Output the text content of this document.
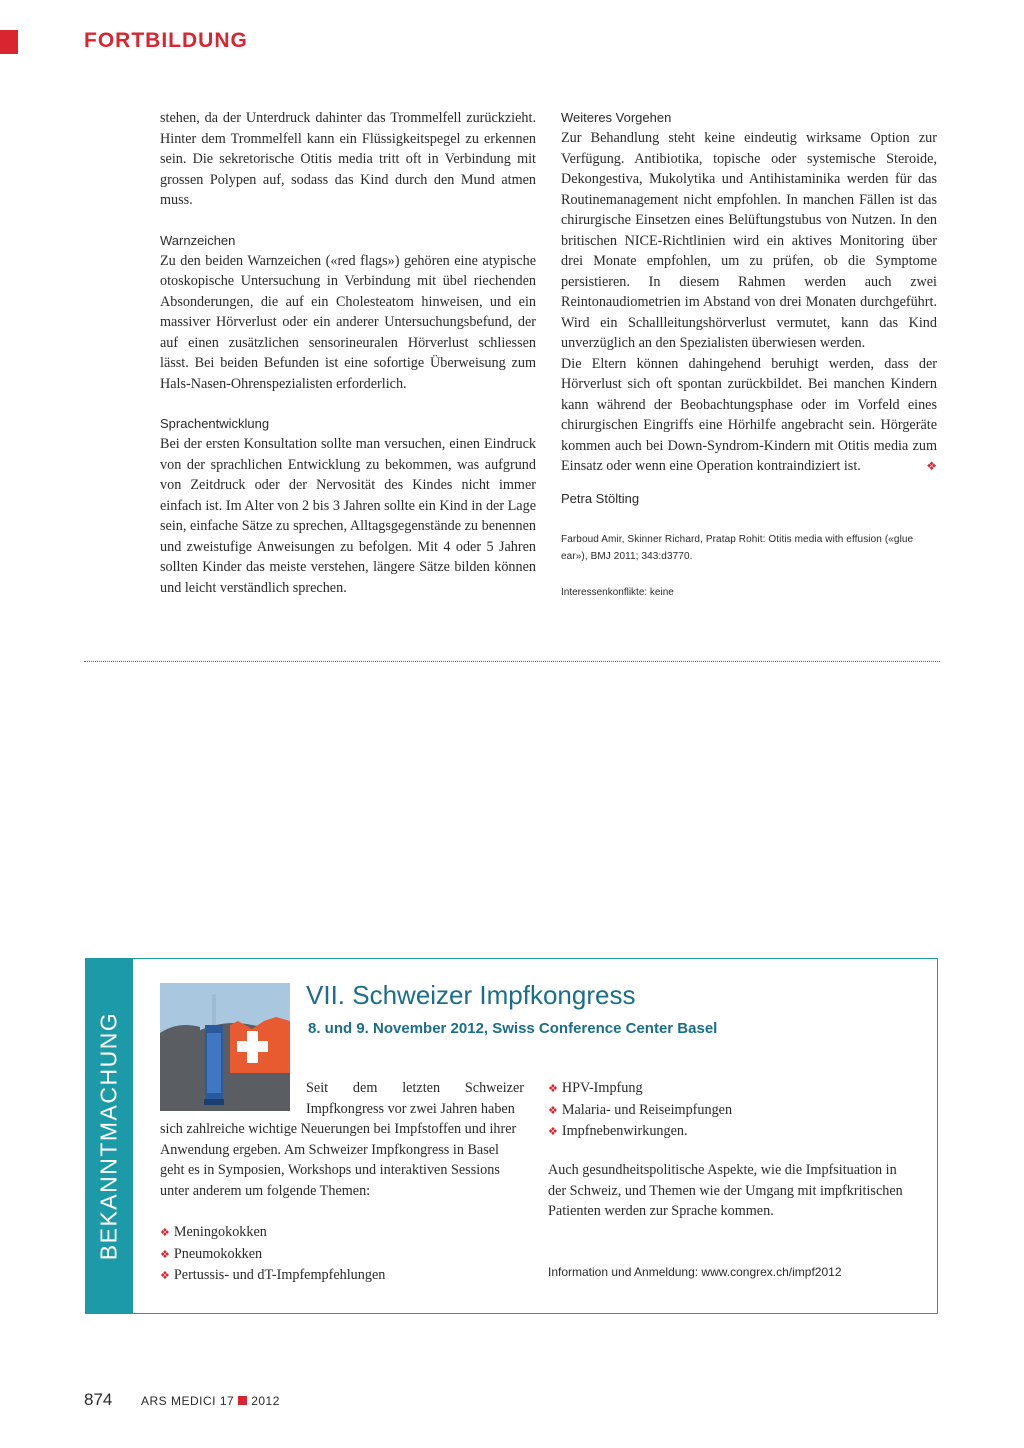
FORTBILDUNG

stehen, da der Unterdruck dahinter das Trommelfell zurückzieht. Hinter dem Trommelfell kann ein Flüssigkeitspegel zu erkennen sein. Die sekretorische Otitis media tritt oft in Verbindung mit grossen Polypen auf, sodass das Kind durch den Mund atmen muss.

Warnzeichen

Zu den beiden Warnzeichen («red flags») gehören eine atypische otoskopische Untersuchung in Verbindung mit übel riechenden Absonderungen, die auf ein Cholesteatom hinweisen, und ein massiver Hörverlust oder ein anderer Untersuchungsbefund, der auf einen zusätzlichen sensorineuralen Hörverlust schliessen lässt. Bei beiden Befunden ist eine sofortige Überweisung zum Hals-Nasen-Ohrenspezialisten erforderlich.

Sprachentwicklung

Bei der ersten Konsultation sollte man versuchen, einen Eindruck von der sprachlichen Entwicklung zu bekommen, was aufgrund von Zeitdruck oder der Nervosität des Kindes nicht immer einfach ist. Im Alter von 2 bis 3 Jahren sollte ein Kind in der Lage sein, einfache Sätze zu sprechen, Alltagsgegenstände zu benennen und zweistufige Anweisungen zu befolgen. Mit 4 oder 5 Jahren sollten Kinder das meiste verstehen, längere Sätze bilden können und leicht verständlich sprechen.

Weiteres Vorgehen

Zur Behandlung steht keine eindeutig wirksame Option zur Verfügung. Antibiotika, topische oder systemische Steroide, Dekongestiva, Mukolytika und Antihistaminika werden für das Routinemanagement nicht empfohlen. In manchen Fällen ist das chirurgische Einsetzen eines Belüftungstubus von Nutzen. In den britischen NICE-Richtlinien wird ein aktives Monitoring über drei Monate empfohlen, um zu prüfen, ob die Symptome persistieren. In diesem Rahmen werden auch zwei Reintonaudiometrien im Abstand von drei Monaten durchgeführt. Wird ein Schallleitungshörverlust vermutet, kann das Kind unverzüglich an den Spezialisten überwiesen werden.

Die Eltern können dahingehend beruhigt werden, dass der Hörverlust sich oft spontan zurückbildet. Bei manchen Kindern kann während der Beobachtungsphase oder im Vorfeld eines chirurgischen Eingriffs eine Hörhilfe angebracht sein. Hörgeräte kommen auch bei Down-Syndrom-Kindern mit Otitis media zum Einsatz oder wenn eine Operation kontraindiziert ist.	❖

Petra Stölting
Farboud Amir, Skinner Richard, Pratap Rohit: Otitis media with effusion («glue ear»), BMJ 2011; 343:d3770.
Interessenkonflikte: keine
BEKANNTMACHUNG
VII. Schweizer Impfkongress
8. und 9. November 2012, Swiss Conference Center Basel
Seit dem letzten Schweizer Impfkongress vor zwei Jahren haben
sich zahlreiche wichtige Neuerungen bei Impfstoffen und ihrer Anwendung ergeben. Am Schweizer Impfkongress in Basel geht es in Symposien, Workshops und interaktiven Sessions unter anderem um folgende Themen:
❖ Meningokokken
❖ Pneumokokken
❖ Pertussis- und dT-Impfempfehlungen
❖ HPV-Impfung
❖ Malaria- und Reiseimpfungen
❖ Impfnebenwirkungen.
Auch gesundheitspolitische Aspekte, wie die Impfsituation in der Schweiz, und Themen wie der Umgang mit impfkritischen Patienten werden zur Sprache kommen.
Information und Anmeldung: www.congrex.ch/impf2012
874 ARS MEDICI 17 2012
